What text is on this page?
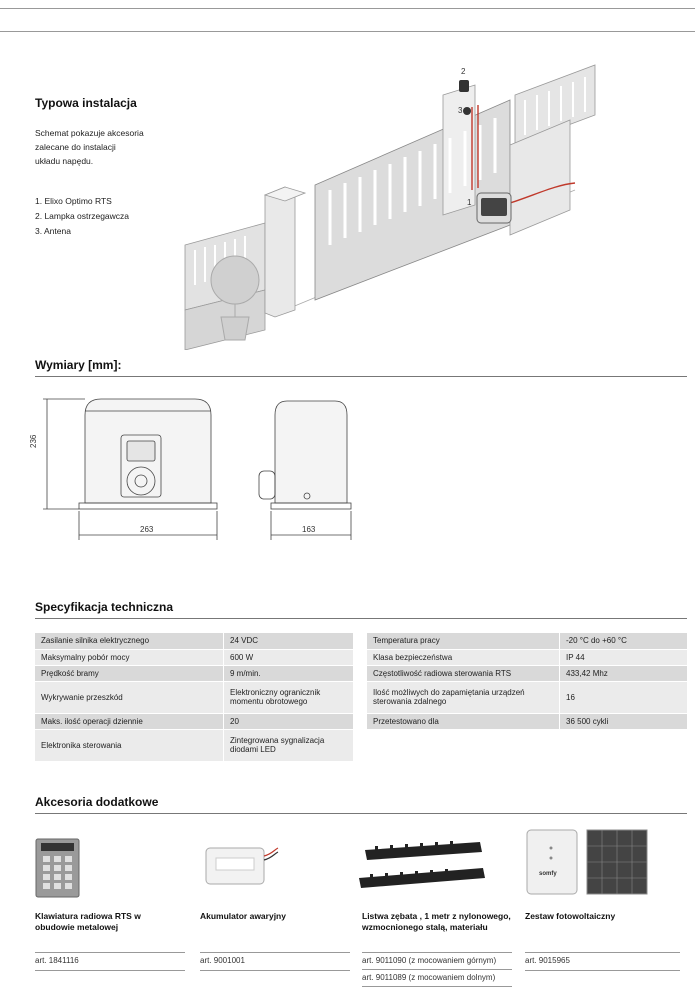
Typowa instalacja
Schemat pokazuje akcesoria
zalecane do instalacji
układu napędu.
1. Elixo Optimo RTS
2. Lampka ostrzegawcza
3. Antena
2
3
1
Wymiary [mm]:
236
263	163
Specyfikacja techniczna
Zasilanie silnika elektrycznego	24 VDC
Maksymalny pobór mocy	600 W
Prędkość bramy	9 m/min.
Wykrywanie przeszkód	Elektroniczny ogranicznik momentu obrotowego
Maks. ilość operacji dziennie	20
Elektronika sterowania	Zintegrowana sygnalizacja diodami LED
Temperatura pracy	-20 °C do +60 °C
Klasa bezpieczeństwa	IP 44
Częstotliwość radiowa sterowania RTS	433,42 Mhz
Ilość możliwych do zapamiętania urządzeń sterowania zdalnego	16
Przetestowano dla	36 500 cykli
Akcesoria dodatkowe
Klawiatura radiowa RTS w obudowie metalowej
art. 1841116
Akumulator awaryjny
art. 9001001
Listwa zębata , 1 metr z nylonowego, wzmocnionego stalą, materiału
art. 9011090 (z mocowaniem górnym)
art. 9011089 (z mocowaniem dolnym)
somfy
Zestaw fotowoltaiczny
art. 9015965
